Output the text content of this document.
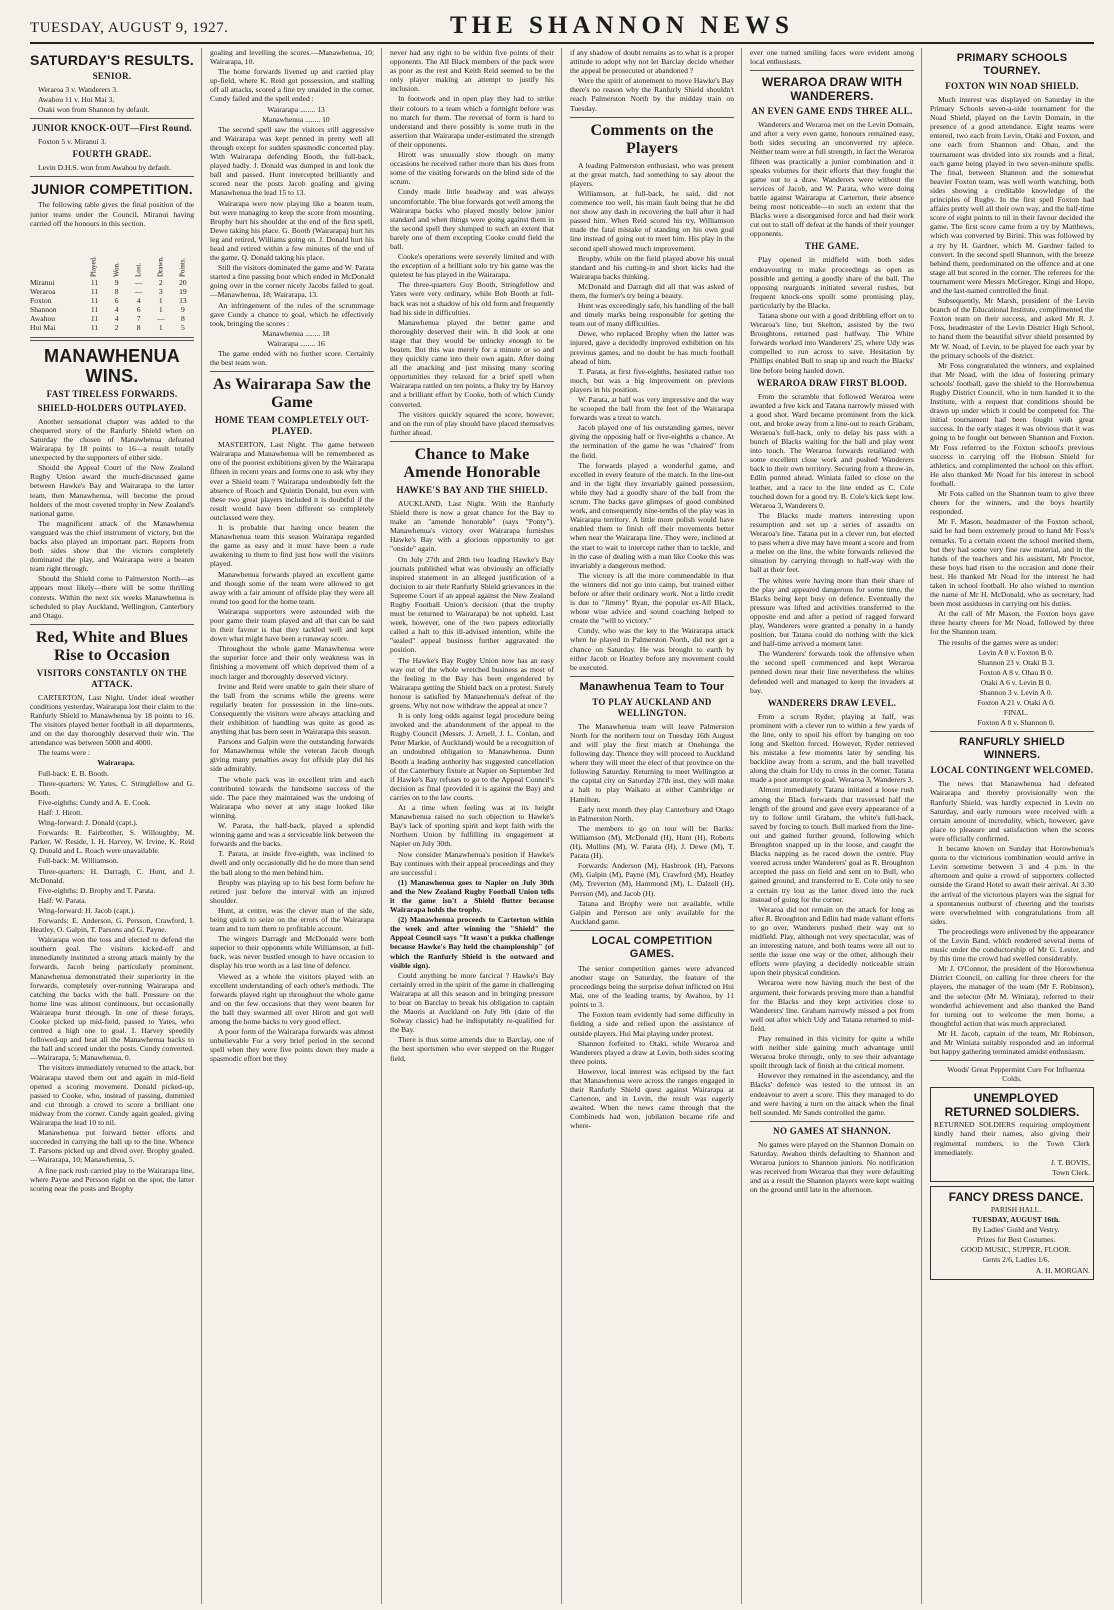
TUESDAY, AUGUST 9, 1927.	THE SHANNON NEWS
SATURDAY'S RESULTS.
SENIOR.

Weraroa 3 v. Wanderers 3.

Awahou 11 v. Hui Mai 3.

Otaki won from Shannon by default.

JUNIOR KNOCK-OUT—First Round.

Foxton 5 v. Miranui 3.

FOURTH GRADE.

Levin D.H.S. won from Awahou by default.

JUNIOR COMPETITION.

The following table gives the final position of the junior teams under the Council, Miranui having carried off the honours in this section.

	Played.	Won.	Lost.	Drawn.	Points.
Miranui	11	9	—	2	20
Weraroa	11	8	—	3	19
Foxton	11	6	4	1	13
Shannon	11	4	6	1	9
Awahou	11	4	7	—	8
Hui Mai	11	2	8	1	5
MANAWHENUA WINS.
FAST TIRELESS FORWARDS.
SHIELD-HOLDERS OUTPLAYED.

Another sensational chapter was added to the chequered story of the Ranfurly Shield when on Saturday the chosen of Manawhenua defeated Wairarapa by 18 points to 16—a result totally unexpected by the supporters of either side.

Should the Appeal Court of the New Zealand Rugby Union award the much-discussed game between Hawke's Bay and Wairarapa to the latter team, then Manawhenua, will become the proud holders of the most coveted trophy in New Zealand's national game.

The magnificent attack of the Manawhenua vanguard was the chief instrument of victory, but the backs also played an important part. Reports from both sides show that the victors completely dominated the play, and Wairarapa were a beaten team right through.

Should the Shield come to Palmerston North—as appears most likely—there will be some thrilling contests. Within the next six weeks Manawhenua is scheduled to play Auckland, Wellington, Canterbury and Otago.

Red, White and Blues Rise to Occasion
VISITORS CONSTANTLY ON THE ATTACK.

CARTERTON, Last Night. Under ideal weather conditions yesterday, Wairarapa lost their claim to the Ranfurly Shield to Manawhenua by 18 points to 16. The visitors played better football in all departments, and on the day thoroughly deserved their win. The attendance was between 5000 and 4000.

The teams were :

Wairarapa.

Full-back: E. B. Booth.

Three-quarters: W. Yates, C. Stringfellow and G. Booth.

Five-eighths: Cundy and A. E. Cook.

Half: J. Hirott.

Wing-forward: J. Donald (capt.).

Forwards: R. Fairbrother, S. Willoughby, M. Parker, W. Reside, I. H. Harvey, W. Irvine, K. Reid Q. Donald and L. Roach were unavailable.

Full-back: M. Williamson.

Three-quarters: H. Darragh, C. Hunt, and J. McDonald.

Five-eighths: D. Brophy and T. Parata.

Half: W. Parata.

Wing-forward: H. Jacob (capt.).

Forwards: E. Anderson, G. Persson, Crawford, I. Heatley, O. Galpin, T. Parsons and G. Payne.

Wairarapa won the toss and elected to defend the southern goal. The visitors kicked-off and immediately instituted a strong attack mainly by the forwards, Jacob being particularly prominent. Manawhenua demonstrated their superiority in the forwards, completely over-running Wairarapa and catching the backs with the ball. Pressure on the home line was almost continuous, but occasionally Wairarapa burst through. In one of these forays, Cooke picked up mid-field, passed to Yates, who centred a high one to goal. I. Harvey speedily followed-up and beat all the Manawhenua backs to the ball and scored under the posts. Cundy converted.—Wairarapa, 5; Manawhenua, 0.

The visitors immediately returned to the attack, but Wairarapa staved them out and again in mid-field opened a scoring movement. Donald picked-up, passed to Cooke, who, instead of passing, dummied and cut through a crowd to score a brilliant one midway from the corner. Cundy again goaled, giving Wairarapa the lead 10 to nil.

Manawhenua put forward better efforts and succeeded in carrying the ball up to the line. Whence T. Parsons picked up and dived over. Brophy goaled.—Wairarapa, 10; Manawhenua, 5.

A fine pack rush carried play to the Wairarapa line, where Payne and Persson right on the spot, the latter scoring near the posts and Brophy

goaling and levelling the scores.—Manawhenua, 10; Wairarapa, 10.

The home forwards livened up and carried play up-field, where K. Reid got possession, and stalling off all attacks, scored a fine try unaided in the corner. Cundy failed and the spell ended :

Wairarapa ........ 13

Manawhenua ........ 10

The second spell saw the visitors still aggressive and Wairarapa was kept penned in pretty well all through except for sudden spasmodic concerted play. With Wairarapa defending Booth, the full-back, played badly. J. Donald was dumped in and look the ball and passed. Hunt intercepted brilliantly and scored near the posts Jacob goaling and giving Manawhenua the lead 15 to 13.

Wairarapa were now playing like a beaten team, but were managing to keep the score from mounting. Brophy hurt his shoulder at the end of the first spell, Dewe taking his place. G. Booth (Wairarapa) hurt his leg and retired, Williams going on. J. Donald hurt his head and retired within a few minutes of the end of the game, Q. Donald taking his place.

Still the visitors dominated the game and W. Parata started a fine passing bout which ended in McDonald going over in the corner nicely Jacobs failed to goal.—Manawhenua, 18; Wairarapa, 13.

An infringement of the rules of the scrummage gave Cundy a chance to goal, which he effectively took, bringing the scores :

Manawhenua ........ 18

Wairarapa ........ 16

The game ended with no further score. Certainly the best team won.

As Wairarapa Saw the Game
HOME TEAM COMPLETELY OUT-PLAYED.

MASTERTON, Last Night. The game between Wairarapa and Manawhenua will be remembered as one of the poorest exhibitions given by the Wairarapa fifteen in recent years and forms one to ask why they ever a Shield team ? Wairarapa undoubtedly felt the absence of Roach and Quintin Donald, but even with these two great players included it is doubtful if the result would have been different so completely outclassed were they.

It is probable that having once beaten the Manawhenua team this season Wairarapa regarded the game as easy and it must have been a rude awakening to them to find just how well the visitors played.

Manawhenua forwards played an excellent game and though some of the team were allowed to get away with a fair amount of offside play they were all round too good for the home team.

Wairarapa supporters were astounded with the poor game their team played and all that can be said in their favour is that they tackled well and kept down what might have been a runaway score.

Throughout the whole game Manawhenua were the superior force and their only weakness was in finishing a movement off which deprived them of a much larger and thoroughly deserved victory.

Irvine and Reid were unable to gain their share of the ball from the scrums while the greens were regularly beaten for possession in the line-outs. Consequently the visitors were always attacking and their exhibition of handling was quite as good as anything that has been seen in Wairarapa this season.

Parsons and Galpin were the outstanding forwards for Manawhenua while the veteran Jacob though giving many penalties away for offside play did his side admirably.

The whole pack was in excellent trim and each contributed towards the handsome success of the side. The pace they maintained was the undoing of Wairarapa who never at any stage looked like winning.

W. Parata, the half-back, played a splendid winning game and was a serviceable link between the forwards and the backs.

T. Parata, at inside five-eighth, was inclined to dwell and only occasionally did he do more than send the ball along to the men behind him.

Brophy was playing up to his best form before he retired just before the interval with an injured shoulder.

Hunt, at centre, was the clever man of the side, being quick to seize on the errors of the Wairarapa team and to turn them to profitable account.

The wingers Darragh and McDonald were both superior to their opponents while Williamson, at full-back, was never bustled enough to have occasion to display his true worth as a last line of defence.

Viewed as a whole the visitors played with an excellent understanding of each other's methods. The forwards played right up throughout the whole game and on the few occasions that they were beaten for the ball they swarmed all over Hirott and got well among the home backs to very good effect.

A poor form of the Wairarapa forwards was almost unbelievable For a very brief period in the second spell when they were five points down they made a spasmodic effort but they

never had any right to be within five points of their opponents. The All Black members of the pack were as poor as the rest and Keith Reid seemed to be the only player making an attempt to justify his inclusion.

In footwork and in open play they had to strike their colours to a team which a fortnight before was no match for them. The reversal of form is hard to understand and there possibly is some truth in the assertion that Wairarapa under-estimated the strength of their opponents.

Hirott was unusually slow though on many occasions he received rather more than his dues from some of the visiting forwards on the blind side of the scrum.

Cundy made little headway and was always uncomfortable. The blue forwards got well among the Wairarapa backs who played mostly below junior standard and when things were going against them in the second spell they slumped to such an extent that barely one of them excepting Cooke could field the ball.

Cooke's operations were severely limited and with the exception of a brilliant solo try his game was the quietest he has played in the Wairarapa.

The three-quarters Guy Booth, Stringfellow and Yates were very ordinary, while Bob Booth at full-back was not a shadow of his old form and frequently had his side in difficulties.

Manawhenua played the better game and thoroughly deserved their win. It did look at one stage that they would be unlucky enough to be beaten. But this was merely for a minute or so and they quickly came into their own again. After doing all the attacking and just missing many scoring opportunities they relaxed for a brief spell when Wairarapa rattled on ten points, a fluky try by Harvey and a brilliant effort by Cooke, both of which Cundy converted.

The visitors quickly squared the score, however, and on the run of play should have placed themselves further ahead.

Chance to Make Amende Honorable
HAWKE'S BAY AND THE SHIELD.

AUCKLAND, Last Night. With the Ranfurly Shield there is now a great chance for the Bay to make an "amende honorable" (says "Ponty"). Manawhenua's victory over Wairarapa furnishes Hawke's Bay with a glorious opportunity to get "onside" again.

On July 27th and 28th two leading Hawke's Bay journals published what was obviously an officially inspired statement in an alleged justification of a decision to air their Ranfurly Shield grievances in the Supreme Court if an appeal against the New Zealand Rugby Football Union's decision (that the trophy must be returned to Wairarapa) be not upheld. Last week, however, one of the two papers editorially called a halt to this ill-advised intention, while the "sealed" appeal business further aggravated the position.

The Hawke's Bay Rugby Union now has an easy way out of the whole wretched business as most of the feeling in the Bay has been engendered by Wairarapa getting the Shield back on a protest. Surely honour is satisfied by Manawhenua's defeat of the greens. Why not now withdraw the appeal at once ?

It is only long odds against legal procedure being invoked and the abandonment of the appeal to the Rugby Council (Messrs. J. Arnell, J. L. Conlan, and Peter Markie, of Auckland) would be a recognition of an undoubted obligation to Manawhenua. Dunn Booth a leading authority has suggested cancellation of the Canterbury fixture at Napier on September 3rd if Hawke's Bay refuses to go to the Appeal Council's decision as final (provided it is against the Bay) and carries on to the law courts.

At a time when feeling was at its height Manawhenua raised no such objection to Hawke's Bay's lack of sporting spirit and kept faith with the Northern Union by fulfilling its engagement at Napier on July 30th.

Now consider Manawhenua's position if Hawke's Bay continues with their appeal proceedings and they are successful :

(1) Manawhenua goes to Napier on July 30th and the New Zealand Rugby Football Union tells it the game isn't a Shield flutter because Wairarapa holds the trophy.

(2) Manawhenua proceeds to Carterton within the week and after winning the "Shield" the Appeal Council says "It wasn't a pukka challenge because Hawke's Bay held the championship" (of which the Ranfurly Shield is the outward and visible sign).

Could anything be more farcical ? Hawke's Bay certainly erred in the spirit of the game in challenging Wairarapa at all this season and in bringing pressure to bear on Barclay to break his obligation to captain the Maoris at Auckland on July 9th (date of the Solway classic) had he indisputably re-qualified for the Bay.

There is thus some amends due to Barclay, one of the best sportsmen who ever stepped on the Rugger field,

if any shadow of doubt remains as to what is a proper attitude to adopt why not let Barclay decide whether the appeal be prosecuted or abandoned ?

Were the spirit of atonement to move Hawke's Bay there's no reason why the Ranfurly Shield shouldn't reach Palmerston North by the midday train on Tuesday.

Comments on the Players

A leading Palmerston enthusiast, who was present at the great match, had something to say about the players.

Williamson, at full-back, he said, did not commence too well, his main fault being that he did not show any dash in recovering the ball after it had passed him. When Reid scored his try, Williamson made the fatal mistake of standing on his own goal line instead of going out to meet him. His play in the second spell showed much improvement.

Brophy, while on the field played above his usual standard and his cutting-in and short kicks had the Wairarapa backs thinking.

McDonald and Darragh did all that was asked of them, the former's try being a beauty.

Hunt was exceedingly safe, his handling of the ball and timely marks being responsible for getting the team out of many difficulties.

Dewe, who replaced Brophy when the latter was injured, gave a decidedly improved exhibition on his previous games, and no doubt he has much football ahead of him.

T. Parata, at first five-eighths, hesitated rather too much, but was a big improvement on previous players in his position.

W. Parata, at half was very impressive and the way he scooped the ball from the feet of the Wairarapa forwards was a treat to watch.

Jacob played one of his outstanding games, never giving the opposing half or five-eighths a chance. At the termination of the game he was "chaired" from the field.

The forwards played a wonderful game, and excelled in every feature of the match. In the line-out and in the light they invariably gained possession, while they had a goodly share of the ball from the scrum. The backs gave glimpses of good combined work, and consequently nine-tenths of the play was in Wairarapa territory. A little more polish would have enabled them to finish off their movements better when near the Wairarapa line. They were, inclined at the start to wait to intercept rather than to tackle, and in the case of dealing with a man like Cooke this was invariably a dangerous method.

The victory is all the more commendable in that the winners did not go into camp, but trained either before or after their ordinary work. Not a little credit is due to "Jimmy" Ryan, the popular ex-All Black, whose wise advice and sound coaching helped to create the "will to victory."

Cundy, who was the key to the Wairarapa attack when he played in Palmerston North, did not get a chance on Saturday. He was brought to earth by either Jacob or Heatley before any movement could be executed.

Manawhenua Team to Tour
TO PLAY AUCKLAND AND WELLINGTON.

The Manawhenua team will leave Palmerston North for the northern tour on Tuesday 16th August and will play the first match at Onehunga the following day. Thence they will proceed to Auckland where they will meet the elect of that province on the following Saturday. Returning to meet Wellington at the capital city on Saturday 27th inst, they will make a halt to play Waikato at either Cambridge or Hamilton.

Early next month they play Canterbury and Otago in Palmerston North.

The members to go on tour will be: Backs: Williamson (M), McDonald (H), Hunt (H), Roberts (H), Mullins (M), W. Parata (H), J. Dewe (M), T. Parata (H).

Forwards: Anderson (M), Hasbrook (H), Parsons (M), Galpin (M), Payne (M), Crawford (M), Heatley (M), Treverton (M), Hammond (M), L. Dalzell (H), Perrson (M), and Jacob (H).

Tatana and Brophy were not available, while Galpin and Perrson are only available for the Auckland game.

LOCAL COMPETITION GAMES.

The senior competition games were advanced another stage on Saturday, the feature of the proceedings being the surprise defeat inflicted on Hui Mai, one of the leading teams, by Awahou, by 11 points to 3.

The Foxton team evidently had some difficulty in fielding a side and relied upon the assistance of outside players. Hui Mai playing under protest.

Shannon forfeited to Otaki, while Weraroa and Wanderers played a draw at Levin, both sides scoring three points.

However, local interest was eclipsed by the fact that Manawhenua were across the ranges engaged in their Ranfurly Shield quest against Wairarapa at Carterton, and in Levin, the result was eagerly awaited. When the news came through that the Combineds had won, jubilation became rife and where-

ever one turned smiling faces were evident among local enthusiasts.

WERAROA DRAW WITH WANDERERS.
AN EVEN GAME ENDS THREE ALL.

Wanderers and Weraroa met on the Levin Domain, and after a very even game, honours remained easy, both sides securing an unconverted try apiece. Neither team were at full strength, in fact the Weraroa fifteen was practically a junior combination and it speaks volumes for their efforts that they fought the game out to a draw. Wanderers were without the services of Jacob, and W. Parata, who were doing battle against Wairarapa at Carterton, their absence being most noticeable—to such an extent that the Blacks were a disorganised force and had their work cut out to stall off defeat at the hands of their younger opponents.

THE GAME.

Play opened in midfield with both sides endeavouring to make proceedings as open as possible and getting a goodly share of the ball. The opposing rearguards initiated several rushes, but frequent knock-ons spoilt some promising play, particularly by the Blacks.

Tatana shone out with a good dribbling effort on to Weraroa's line, but Skelton, assisted by the two Broughtons, returned past halfway. The White forwards worked into Wanderers' 25, where Udy was compelled to run across to save. Hesitation by Phillips enabled Bull to snap up and reach the Blacks' line before being hauled down.

WERAROA DRAW FIRST BLOOD.

From the scramble that followed Weraroa were awarded a free kick and Tatana narrowly missed with a good shot. Ward became prominent from the kick out, and broke away from a line-out to reach Graham, Weraroa's full-back, only to delay his pass with a bunch of Blacks waiting for the ball and play went into touch. The Weraroa forwards retaliated with some excellent close work and pushed Wanderers back to their own territory. Securing from a throw-in, Edlin punted ahead. Winiata failed to close on the leather, and a race to the line ended as C. Cole touched down for a good try. B. Cole's kick kept low. Weraroa 3, Wanderers 0.

The Blacks made matters interesting upon resumption and set up a series of assaults on Weraroa's line. Tatana put in a clever run, but elected to pass when a dive may have meant a score and from a melee on the line, the white forwards relieved the situation by carrying through to half-way with the ball at their feet.

The whites were having more than their share of the play and appeared dangerous for some time, the Blacks being kept busy on defence. Eventually the pressure was lifted and activities transferred to the opposite end and after a period of ragged forward play, Wanderers were granted a penalty in a handy position, but Tatana could do nothing with the kick and half-time arrived a moment later.

The Wanderers' forwards took the offensive when the second spell commenced and kept Weraroa penned down near their line nevertheless the whites defended well and managed to keep the invaders at bay.

WANDERERS DRAW LEVEL.

From a scrum Ryder, playing at half, was prominent with a clever run to within a few yards of the line, only to spoil his effort by hanging on too long and Skelton forced. However, Ryder retrieved his mistake a few moments later by sending his backline away from a scrum, and the ball travelled along the chain for Udy to cross in the corner. Tatana made a poor attempt to goal. Weraroa 3, Wanderers 3.

Almost immediately Tatana initiated a loose rush among the Black forwards that traversed half the length of the ground and gave every appearance of a try to follow until Graham, the white's full-back, saved by forcing to touch. Bull marked from the line-out and gained further ground, following which Broughton snapped up in the loose, and caught the Blacks napping as he raced down the centre. Play veered across under Wanderers' goal as R. Broughton accepted the pass on field and sent on to Bull, who gained ground, and transferred to E. Cole only to see a certain try lost as the latter dived into the ruck instead of going for the corner.

Weraroa did not remain on the attack for long as after R. Broughton and Edlin had made valiant efforts to go over, Wanderers pushed their way out to midfield. Play, although not very spectacular, was of an interesting nature, and both teams were all out to settle the issue one way or the other, although their efforts were playing a decidedly noticeable strain upon their physical condition.

Weraroa were now having much the best of the argument, their forwards proving more than a handful for the Blacks and they kept activities close to Wanderers' line. Graham narrowly missed a pot from well out after which Udy and Tatana returned to mid-field.

Play remained in this vicinity for quite a while with neither side gaining much advantage until Weraroa broke through, only to see their advantage spoilt through lack of finish at the critical moment.

However they remained in the ascendancy, and the Blacks' defence was tested to the utmost in an endeavour to avert a score. This they managed to do and were having a turn on the attack when the final bell sounded. Mr Sands controlled the game.

NO GAMES AT SHANNON.

No games were played on the Shannon Domain on Saturday. Awahou thirds defaulting to Shannon and Weraroa juniors to Shannon juniors. No notification was received from Weraroa that they were defaulting and as a result the Shannon players were kept waiting on the ground until late in the afternoon.

PRIMARY SCHOOLS TOURNEY.
FOXTON WIN NOAD SHIELD.

Much interest was displayed on Saturday in the Primary Schools seven-a-side tournament for the Noad Shield, played on the Levin Domain, in the presence of a good attendance. Eight teams were entered, two each from Levin, Otaki and Foxton, and one each from Shannon and Ohau, and the tournament was divided into six rounds and a final, each game being played in two seven-minute spells. The final, between Shannon and the somewhat heavier Foxton team, was well worth watching, both sides showing a creditable knowledge of the principles of Rugby. In the first spell Foxton had affairs pretty well all their own way, and the half-time score of eight points to nil in their favour decided the game. The first score came from a try by Matthews, which was converted by Birini. This was followed by a try by H. Gardner, which M. Gardner failed to convert. In the second spell Shannon, with the breeze behind them, predominated on the offence and at one stage all but scored in the corner. The referees for the tournament were Messrs McGregor, Kingi and Hope, and the last-named controlled the final.

Subsequently, Mr Marsh, president of the Levin branch of the Educational Institute, complimented the Foxton team on their success, and asked Mr R. J. Foss, headmaster of the Levin District High School, to hand them the beautiful silver shield presented by Mr W. Noad, of Levin, to be played for each year by the primary schools of the district.

Mr Foss congratulated the winners, and explained that Mr Noad, with the idea of fostering primary schools' football, gave the shield to the Horowhenua Rugby District Council, who in turn handed it to the Institute, with a request that conditions should be drawn up under which it could be competed for. The initial tournament had been fought with great success. In the early stages it was obvious that it was going to be fought out between Shannon and Foxton. Mr Foss referred to the Foxton school's previous success in carrying off the Hobson Shield for athletics, and complimented the school on this effort. He also thanked Mr Noad for his interest in school football.

Mr Foss called on the Shannon team to give three cheers for the winners, and the boys heartily responded.

Mr F. Mason, headmaster of the Foxton school, said he had been extremely proud to hand Mr Foss's remarks. To a certain extent the school merited them, but they had some very fine raw material, and in the hands of the teachers and his assistant, Mr Proctor, these boys had risen to the occasion and done their best. He thanked Mr Noad for the interest he had taken in school football. He also wished to mention the name of Mr H. McDonald, who as secretary, had been most assiduous in carrying out his duties.

At the call of Mr Mason, the Foxton boys gave three hearty cheers for Mr Noad, followed by three for the Shannon team.

The results of the games were as under:

Levin A 8 v. Foxton B 0.

Shannon 23 v. Otaki B 3.

Foxton A 8 v. Ohau B 0.

Otaki A 6 v. Levin B 0.

Shannon 3 v. Levin A 0.

Foxton A 21 v. Otaki A 0.

FINAL.

Foxton A 8 v. Shannon 0.

RANFURLY SHIELD WINNERS.
LOCAL CONTINGENT WELCOMED.

The news that Manawhenua had defeated Wairarapa and thereby provisionally won the Ranfurly Shield, was hardly expected in Levin on Saturday, and early rumours were received with a certain amount of incredulity, which, however, gave place to pleasure and satisfaction when the scores were officially confirmed.

It became known on Sunday that Horowhenua's quota to the victorious combination would arrive in Levin sometime between 3 and 4 p.m. in the afternoon and quite a crowd of supporters collected outside the Grand Hotel to await their arrival. At 3.30 the arrival of the victorious players was the signal for a spontaneous outburst of cheering and the tourists were overwhelmed with congratulations from all sides.

The proceedings were enlivened by the appearance of the Levin Band, which rendered several items of music under the conductorship of Mr G. Lester, and by this time the crowd had swelled considerably.

Mr J. O'Connor, the president of the Horowhenua District Council, on calling for three cheers for the players, the manager of the team (Mr F. Robinson), and the selector (Mr M. Winiata), referred to their wonderful achievement and also thanked the Band for turning out to welcome the men home, a thoughtful action that was much appreciated.

Mr H. Jacob, captain of the team, Mr Robinson, and Mr Winiata suitably responded and an informal but happy gathering terminated amidst enthusiasm.

Woods' Great Peppermint Cure For Influenza Colds.

UNEMPLOYED RETURNED SOLDIERS.

RETURNED SOLDIERS requiring employment kindly hand their names, also giving their regimental numbers, to the Town Clerk immediately.

J. T. BOVIS,

Town Clerk.

FANCY DRESS DANCE.

PARISH HALL.

TUESDAY, AUGUST 16th.

By Ladies' Guild and Vestry.

Prizes for Best Costumes.

GOOD MUSIC, SUPPER, FLOOR.

Gents 2/6, Ladies 1/6.

A. H. MORGAN.
